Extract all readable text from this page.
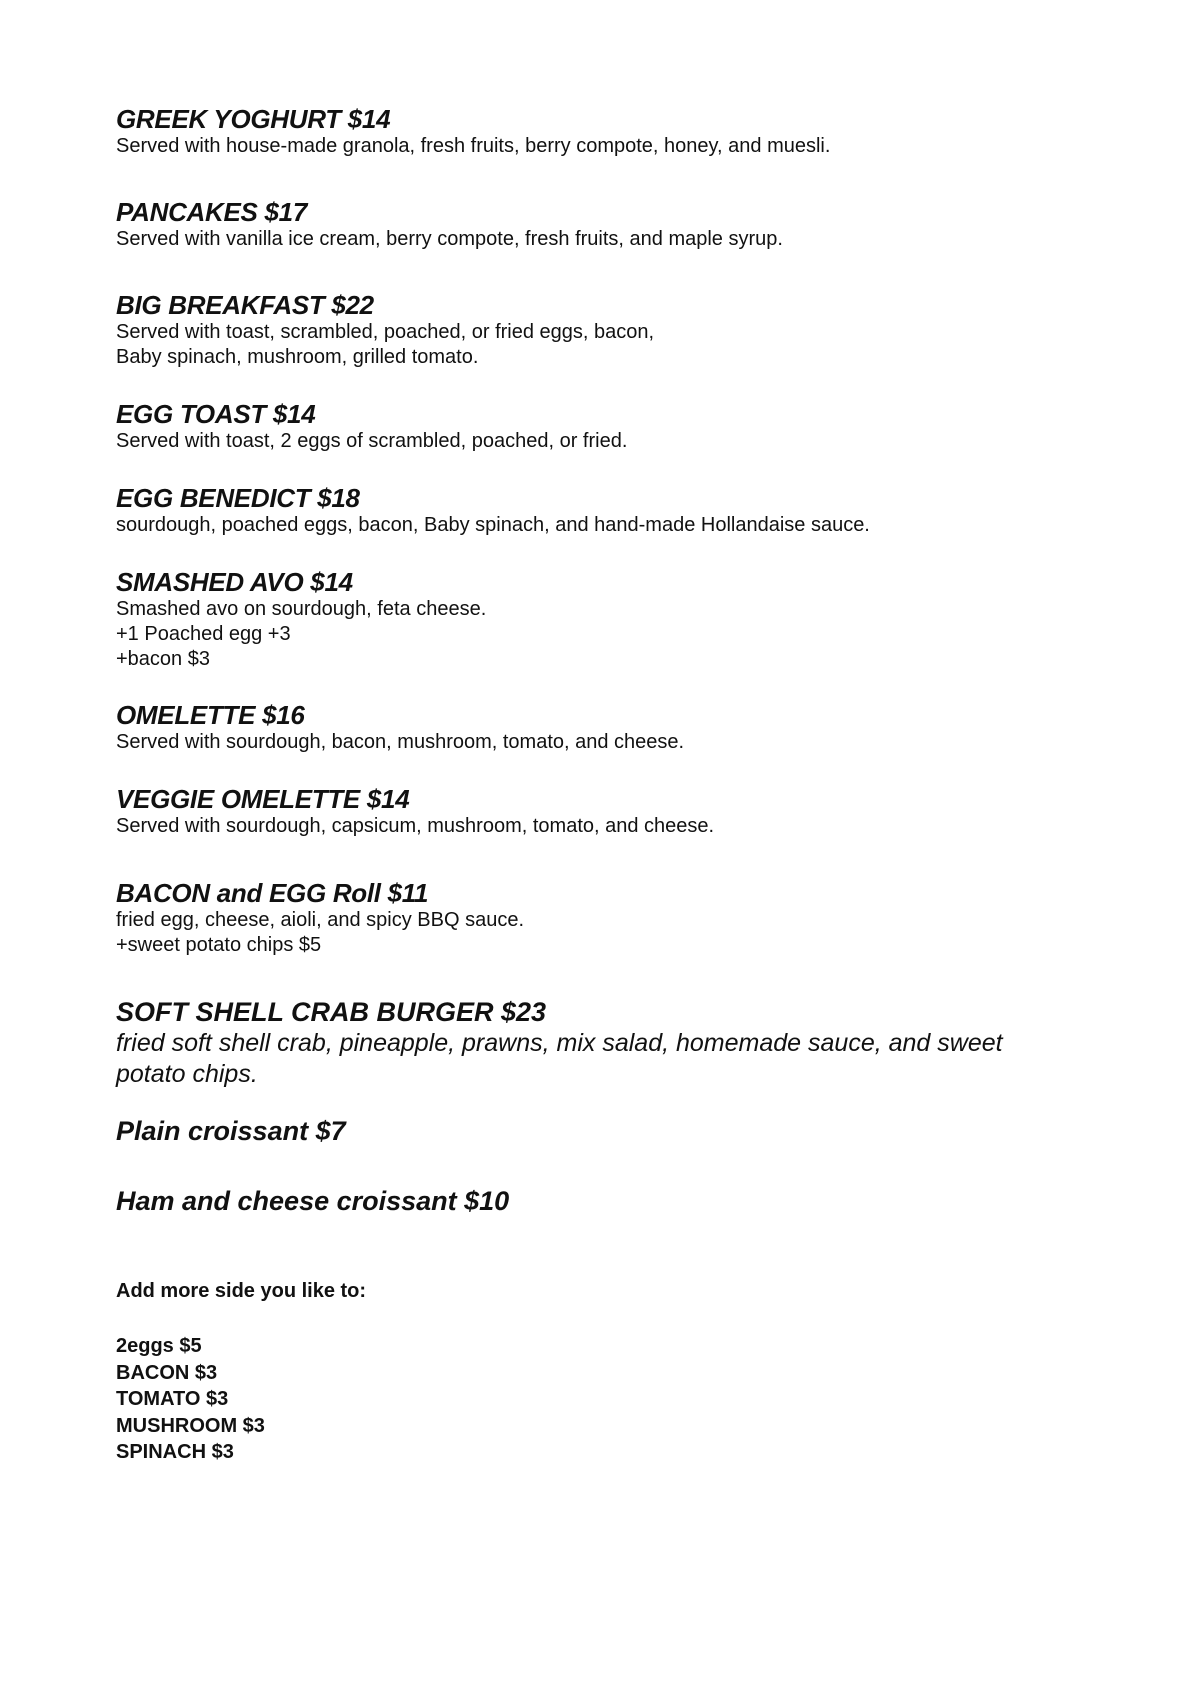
GREEK YOGHURT $14

Served with house-made granola, fresh fruits, berry compote, honey, and muesli.

PANCAKES $17

Served with vanilla ice cream, berry compote, fresh fruits, and maple syrup.

BIG BREAKFAST $22

Served with toast, scrambled, poached, or fried eggs, bacon,

Baby spinach, mushroom, grilled tomato.

EGG TOAST $14

Served with toast, 2 eggs of scrambled, poached, or fried.

EGG BENEDICT $18

sourdough, poached eggs, bacon, Baby spinach, and hand-made Hollandaise sauce.

SMASHED AVO $14

Smashed avo on sourdough, feta cheese.

+1 Poached egg +3

+bacon $3

OMELETTE $16

Served with sourdough, bacon, mushroom, tomato, and cheese.

VEGGIE OMELETTE $14

Served with sourdough, capsicum, mushroom, tomato, and cheese.

BACON and EGG Roll $11

fried egg, cheese, aioli, and spicy BBQ sauce.

+sweet potato chips $5

SOFT SHELL CRAB BURGER $23

fried soft shell crab, pineapple, prawns, mix salad, homemade sauce, and sweet potato chips.

Plain croissant $7

Ham and cheese croissant $10

Add more side you like to:

2eggs $5
BACON $3
TOMATO $3
MUSHROOM $3
SPINACH $3
